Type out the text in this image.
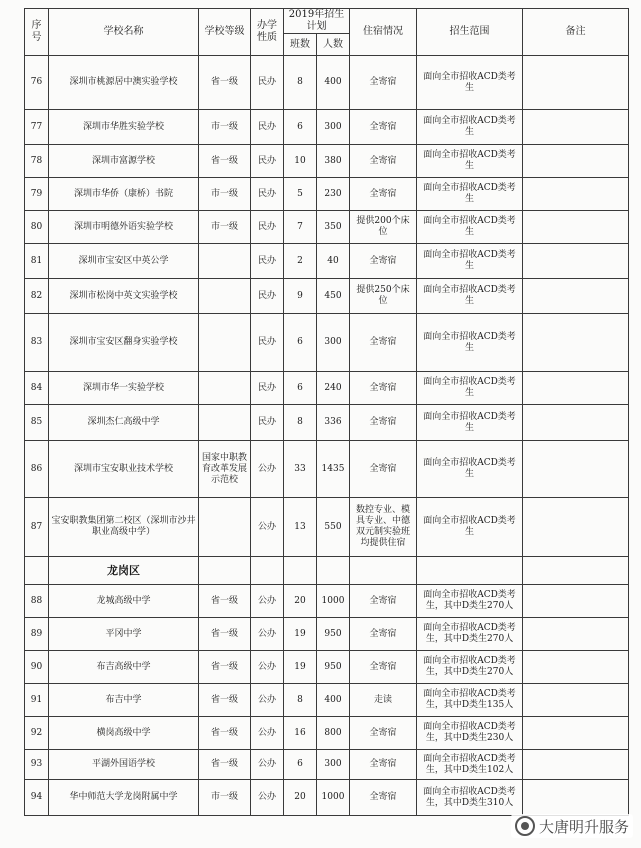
序号	学校名称	学校等级	办学性质	2019年招生计划		住宿情况	招生范围	备注
				班数	人数			
76	深圳市桃源居中澳实验学校	省一级	民办	8	400	全寄宿	面向全市招收ACD类考生	
77	深圳市华胜实验学校	市一级	民办	6	300	全寄宿	面向全市招收ACD类考生	
78	深圳市富源学校	省一级	民办	10	380	全寄宿	面向全市招收ACD类考生	
79	深圳市华侨（康桥）书院	市一级	民办	5	230	全寄宿	面向全市招收ACD类考生	
80	深圳市明德外语实验学校	市一级	民办	7	350	提供200个床位	面向全市招收ACD类考生	
81	深圳市宝安区中英公学		民办	2	40	全寄宿	面向全市招收ACD类考生	
82	深圳市松岗中英文实验学校		民办	9	450	提供250个床位	面向全市招收ACD类考生	
83	深圳市宝安区翻身实验学校		民办	6	300	全寄宿	面向全市招收ACD类考生	
84	深圳市华一实验学校		民办	6	240	全寄宿	面向全市招收ACD类考生	
85	深圳杰仁高级中学		民办	8	336	全寄宿	面向全市招收ACD类考生	
86	深圳市宝安职业技术学校	国家中职教育改革发展示范校	公办	33	1435	全寄宿	面向全市招收ACD类考生	
87	宝安职教集团第二校区（深圳市沙井职业高级中学）		公办	13	550	数控专业、模具专业、中德双元制实验班均提供住宿	面向全市招收ACD类考生	
	龙岗区							
88	龙城高级中学	省一级	公办	20	1000	全寄宿	面向全市招收ACD类考生，其中D类生270人	
89	平冈中学	省一级	公办	19	950	全寄宿	面向全市招收ACD类考生，其中D类生270人	
90	布吉高级中学	省一级	公办	19	950	全寄宿	面向全市招收ACD类考生，其中D类生270人	
91	布吉中学	省一级	公办	8	400	走读	面向全市招收ACD类考生，其中D类生135人	
92	横岗高级中学	省一级	公办	16	800	全寄宿	面向全市招收ACD类考生，其中D类生230人	
93	平湖外国语学校	省一级	公办	6	300	全寄宿	面向全市招收ACD类考生，其中D类生102人	
94	华中师范大学龙岗附属中学	市一级	公办	20	1000	全寄宿	面向全市招收ACD类考生，其中D类生310人	
大唐明升服务
